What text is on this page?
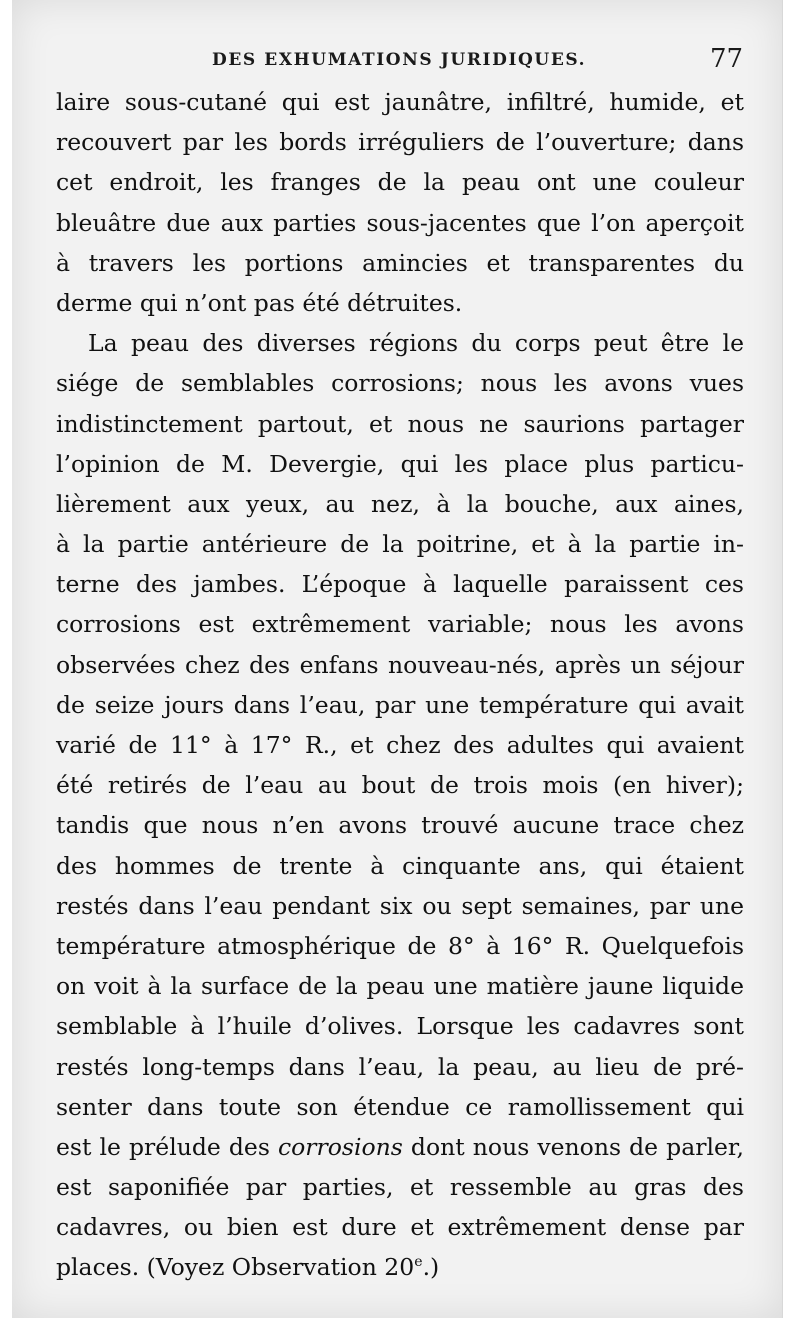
DES EXHUMATIONS JURIDIQUES.	77
laire sous-cutané qui est jaunâtre, infiltré, humide, et
recouvert par les bords irréguliers de l’ouverture; dans
cet endroit, les franges de la peau ont une couleur
bleuâtre due aux parties sous-jacentes que l’on aperçoit
à travers les portions amincies et transparentes du
derme qui n’ont pas été détruites.
La peau des diverses régions du corps peut être le
siége de semblables corrosions; nous les avons vues
indistinctement partout, et nous ne saurions partager
l’opinion de M. Devergie, qui les place plus particu-
lièrement aux yeux, au nez, à la bouche, aux aines,
à la partie antérieure de la poitrine, et à la partie in-
terne des jambes. L’époque à laquelle paraissent ces
corrosions est extrêmement variable; nous les avons
observées chez des enfans nouveau-nés, après un séjour
de seize jours dans l’eau, par une température qui avait
varié de 11° à 17° R., et chez des adultes qui avaient
été retirés de l’eau au bout de trois mois (en hiver);
tandis que nous n’en avons trouvé aucune trace chez
des hommes de trente à cinquante ans, qui étaient
restés dans l’eau pendant six ou sept semaines, par une
température atmosphérique de 8° à 16° R. Quelquefois
on voit à la surface de la peau une matière jaune liquide
semblable à l’huile d’olives. Lorsque les cadavres sont
restés long-temps dans l’eau, la peau, au lieu de pré-
senter dans toute son étendue ce ramollissement qui
est le prélude des corrosions dont nous venons de parler,
est saponifiée par parties, et ressemble au gras des
cadavres, ou bien est dure et extrêmement dense par
places. (Voyez Observation 20e.)
